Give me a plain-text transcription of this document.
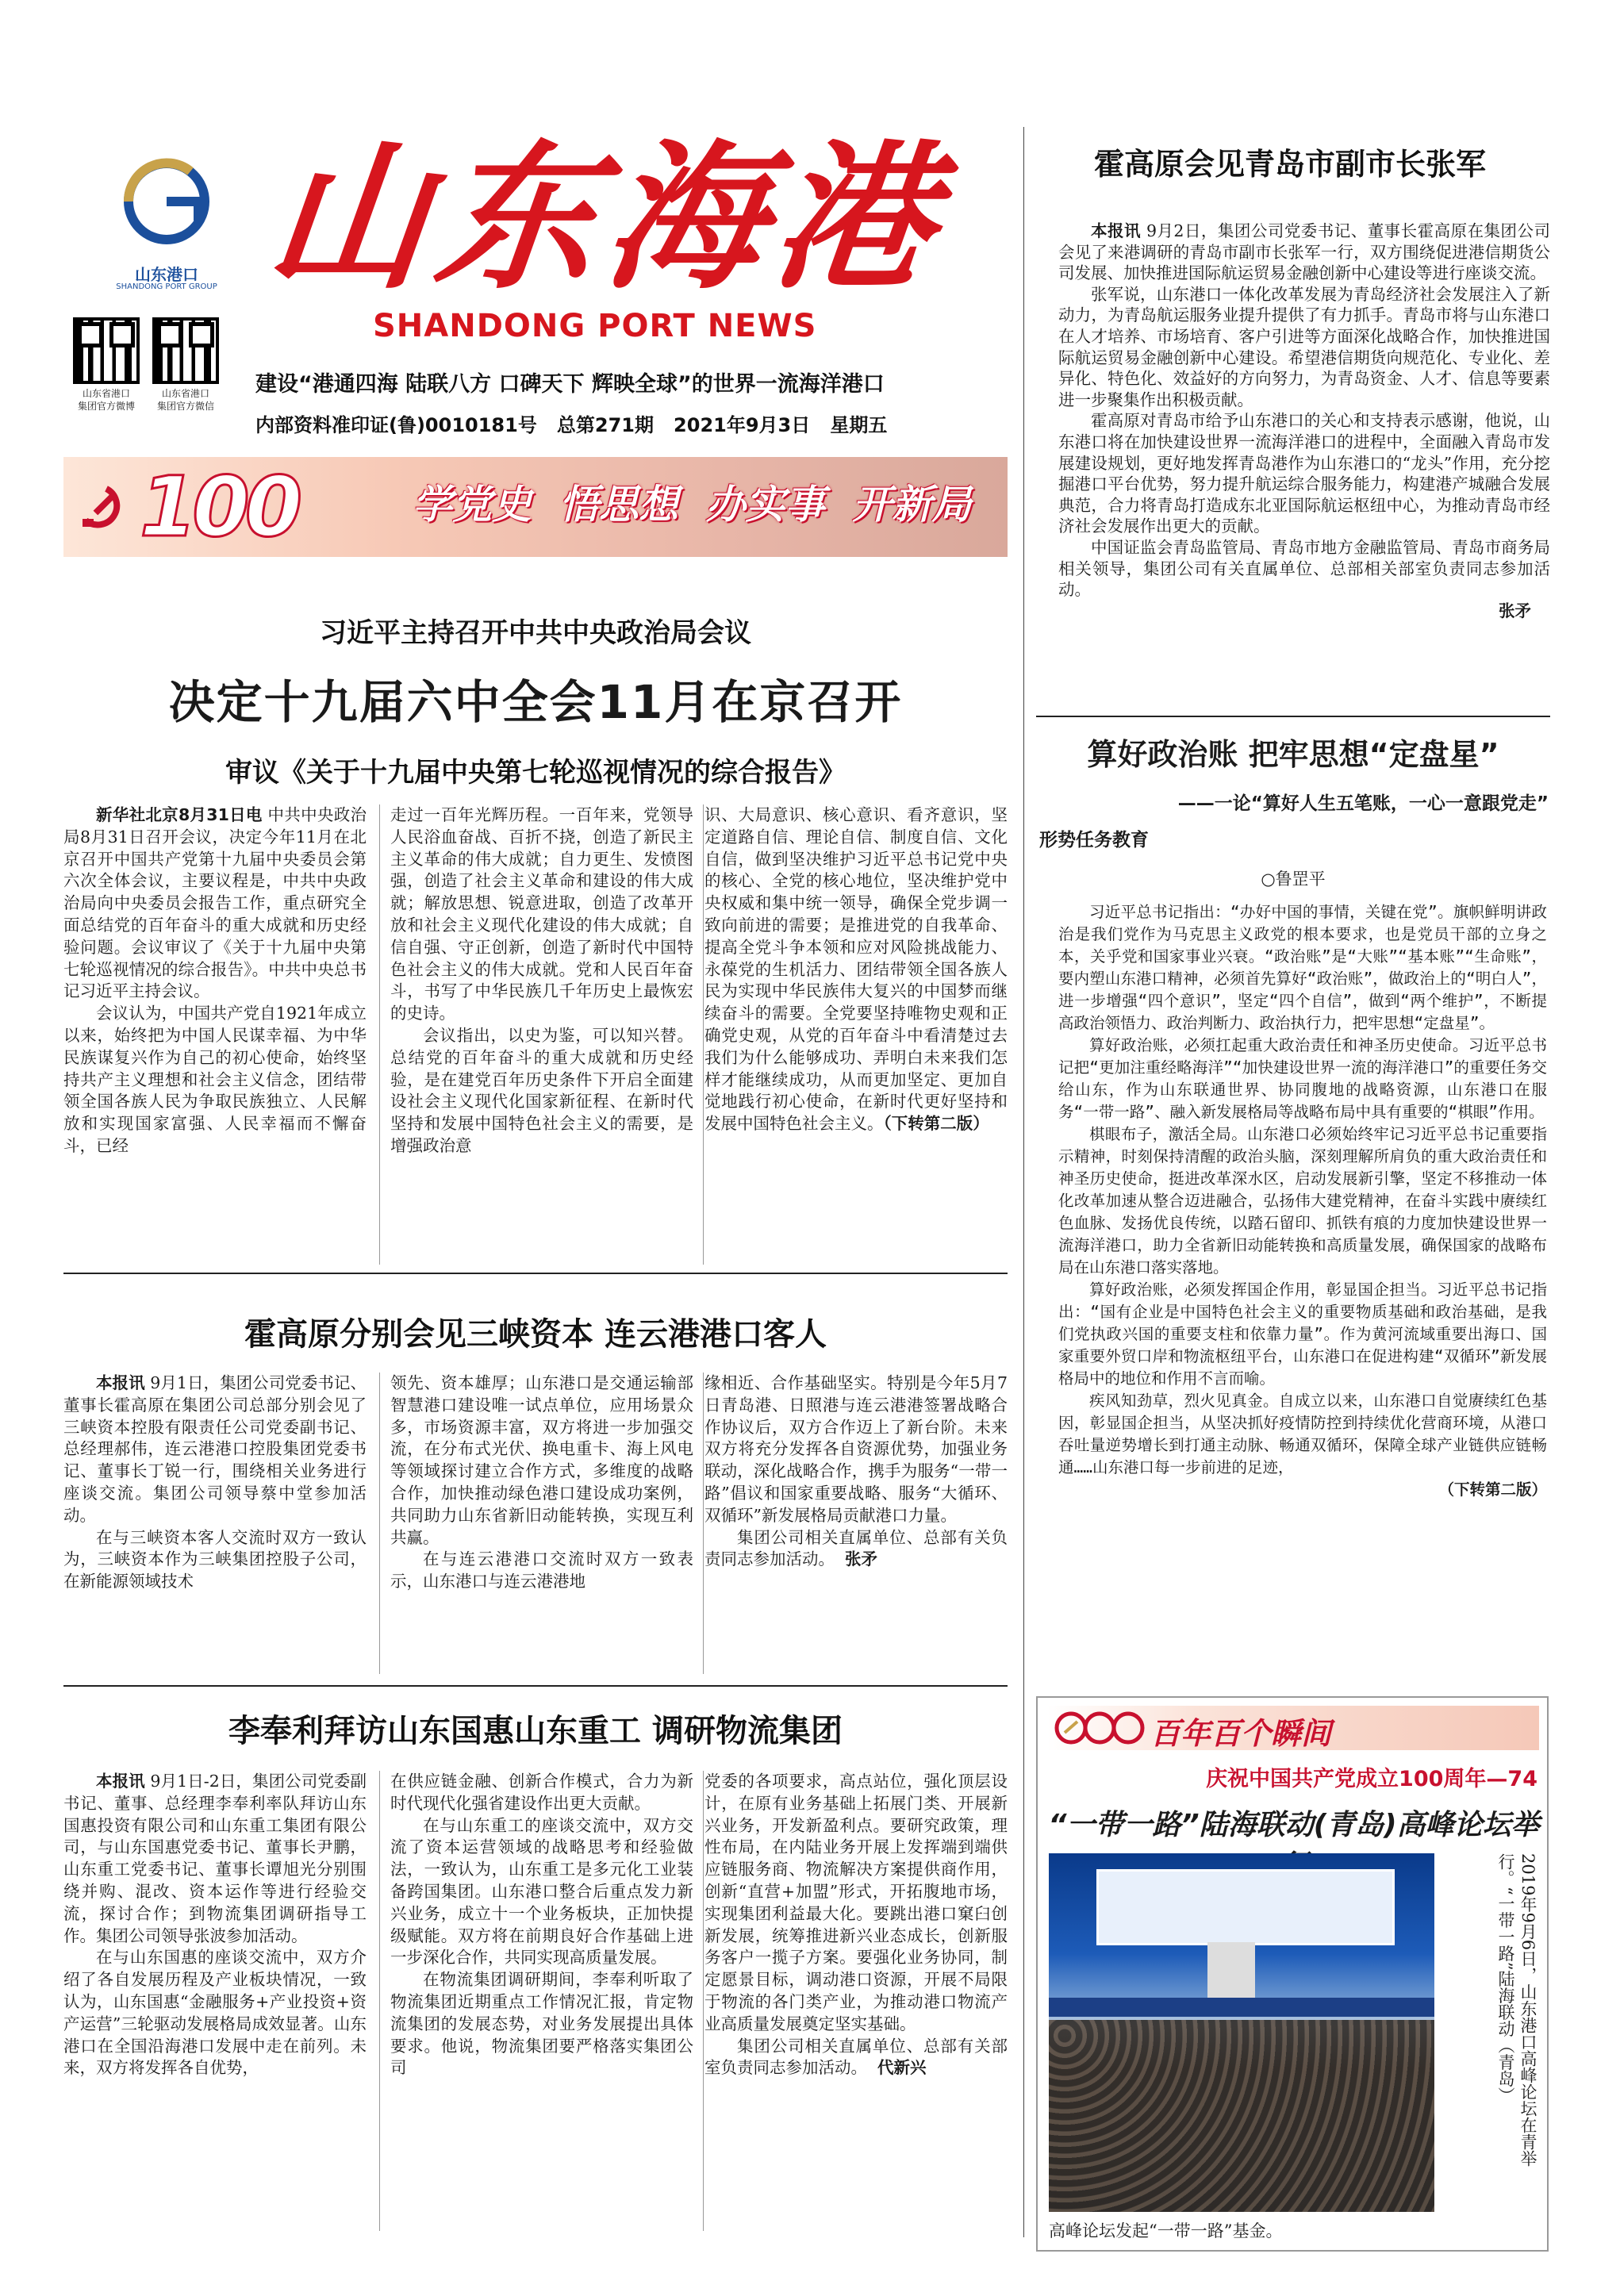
山东港口
SHANDONG PORT GROUP 山东海港
SHANDONG PORT NEWS
山东省港口
集团官方微博
山东省港口
集团官方微信
建设“港通四海 陆联八方 口碑天下 辉映全球”的世界一流海洋港口
内部资料准印证(鲁)0010181号   总第271期   2021年9月3日   星期五
100	学党史 悟思想 办实事 开新局
习近平主持召开中共中央政治局会议
决定十九届六中全会11月在京召开
审议《关于十九届中央第七轮巡视情况的综合报告》

新华社北京8月31日电 中共中央政治局8月31日召开会议，决定今年11月在北京召开中国共产党第十九届中央委员会第六次全体会议，主要议程是，中共中央政治局向中央委员会报告工作，重点研究全面总结党的百年奋斗的重大成就和历史经验问题。会议审议了《关于十九届中央第七轮巡视情况的综合报告》。中共中央总书记习近平主持会议。

会议认为，中国共产党自1921年成立以来，始终把为中国人民谋幸福、为中华民族谋复兴作为自己的初心使命，始终坚持共产主义理想和社会主义信念，团结带领全国各族人民为争取民族独立、人民解放和实现国家富强、人民幸福而不懈奋斗，已经

走过一百年光辉历程。一百年来，党领导人民浴血奋战、百折不挠，创造了新民主主义革命的伟大成就；自力更生、发愤图强，创造了社会主义革命和建设的伟大成就；解放思想、锐意进取，创造了改革开放和社会主义现代化建设的伟大成就；自信自强、守正创新，创造了新时代中国特色社会主义的伟大成就。党和人民百年奋斗，书写了中华民族几千年历史上最恢宏的史诗。

会议指出，以史为鉴，可以知兴替。总结党的百年奋斗的重大成就和历史经验，是在建党百年历史条件下开启全面建设社会主义现代化国家新征程、在新时代坚持和发展中国特色社会主义的需要，是增强政治意

识、大局意识、核心意识、看齐意识，坚定道路自信、理论自信、制度自信、文化自信，做到坚决维护习近平总书记党中央的核心、全党的核心地位，坚决维护党中央权威和集中统一领导，确保全党步调一致向前进的需要；是推进党的自我革命、提高全党斗争本领和应对风险挑战能力、永葆党的生机活力、团结带领全国各族人民为实现中华民族伟大复兴的中国梦而继续奋斗的需要。全党要坚持唯物史观和正确党史观，从党的百年奋斗中看清楚过去我们为什么能够成功、弄明白未来我们怎样才能继续成功，从而更加坚定、更加自觉地践行初心使命，在新时代更好坚持和发展中国特色社会主义。（下转第二版）

霍高原分别会见三峡资本 连云港港口客人

本报讯 9月1日，集团公司党委书记、董事长霍高原在集团公司总部分别会见了三峡资本控股有限责任公司党委副书记、总经理郝伟，连云港港口控股集团党委书记、董事长丁锐一行，围绕相关业务进行座谈交流。集团公司领导蔡中堂参加活动。

在与三峡资本客人交流时双方一致认为，三峡资本作为三峡集团控股子公司，在新能源领域技术

领先、资本雄厚；山东港口是交通运输部智慧港口建设唯一试点单位，应用场景众多，市场资源丰富，双方将进一步加强交流，在分布式光伏、换电重卡、海上风电等领域探讨建立合作方式，多维度的战略合作，加快推动绿色港口建设成功案例，共同助力山东省新旧动能转换，实现互利共赢。

在与连云港港口交流时双方一致表示，山东港口与连云港港地

缘相近、合作基础坚实。特别是今年5月7日青岛港、日照港与连云港港签署战略合作协议后，双方合作迈上了新台阶。未来双方将充分发挥各自资源优势，加强业务联动，深化战略合作，携手为服务“一带一路”倡议和国家重要战略、服务“大循环、双循环”新发展格局贡献港口力量。

集团公司相关直属单位、总部有关负责同志参加活动。 张矛

李奉利拜访山东国惠山东重工 调研物流集团

本报讯 9月1日-2日，集团公司党委副书记、董事、总经理李奉利率队拜访山东国惠投资有限公司和山东重工集团有限公司，与山东国惠党委书记、董事长尹鹏，山东重工党委书记、董事长谭旭光分别围绕并购、混改、资本运作等进行经验交流，探讨合作；到物流集团调研指导工作。集团公司领导张波参加活动。

在与山东国惠的座谈交流中，双方介绍了各自发展历程及产业板块情况，一致认为，山东国惠“金融服务+产业投资+资产运营”三轮驱动发展格局成效显著。山东港口在全国沿海港口发展中走在前列。未来，双方将发挥各自优势，

在供应链金融、创新合作模式，合力为新时代现代化强省建设作出更大贡献。

在与山东重工的座谈交流中，双方交流了资本运营领域的战略思考和经验做法，一致认为，山东重工是多元化工业装备跨国集团。山东港口整合后重点发力新兴业务，成立十一个业务板块，正加快提级赋能。双方将在前期良好合作基础上进一步深化合作，共同实现高质量发展。

在物流集团调研期间，李奉利听取了物流集团近期重点工作情况汇报，肯定物流集团的发展态势，对业务发展提出具体要求。他说，物流集团要严格落实集团公司

党委的各项要求，高点站位，强化顶层设计，在原有业务基础上拓展门类、开展新兴业务，开发新盈利点。要研究政策，理性布局，在内陆业务开展上发挥端到端供应链服务商、物流解决方案提供商作用，创新“直营+加盟”形式，开拓腹地市场，实现集团利益最大化。要跳出港口窠臼创新发展，统筹推进新兴业态成长，创新服务客户一揽子方案。要强化业务协同，制定愿景目标，调动港口资源，开展不局限于物流的各门类产业，为推动港口物流产业高质量发展奠定坚实基础。

集团公司相关直属单位、总部有关部室负责同志参加活动。 代新兴

霍高原会见青岛市副市长张军

本报讯 9月2日，集团公司党委书记、董事长霍高原在集团公司会见了来港调研的青岛市副市长张军一行，双方围绕促进港信期货公司发展、加快推进国际航运贸易金融创新中心建设等进行座谈交流。

张军说，山东港口一体化改革发展为青岛经济社会发展注入了新动力，为青岛航运服务业提升提供了有力抓手。青岛市将与山东港口在人才培养、市场培育、客户引进等方面深化战略合作，加快推进国际航运贸易金融创新中心建设。希望港信期货向规范化、专业化、差异化、特色化、效益好的方向努力，为青岛资金、人才、信息等要素进一步聚集作出积极贡献。

霍高原对青岛市给予山东港口的关心和支持表示感谢，他说，山东港口将在加快建设世界一流海洋港口的进程中，全面融入青岛市发展建设规划，更好地发挥青岛港作为山东港口的“龙头”作用，充分挖掘港口平台优势，努力提升航运综合服务能力，构建港产城融合发展典范，合力将青岛打造成东北亚国际航运枢纽中心，为推动青岛市经济社会发展作出更大的贡献。

中国证监会青岛监管局、青岛市地方金融监管局、青岛市商务局相关领导，集团公司有关直属单位、总部相关部室负责同志参加活动。

张矛
算好政治账 把牢思想“定盘星”
——一论“算好人生五笔账，一心一意跟党走”
形势任务教育
○鲁罡平

习近平总书记指出：“办好中国的事情，关键在党”。旗帜鲜明讲政治是我们党作为马克思主义政党的根本要求，也是党员干部的立身之本，关乎党和国家事业兴衰。“政治账”是“大账”“基本账”“生命账”，要内塑山东港口精神，必须首先算好“政治账”，做政治上的“明白人”，进一步增强“四个意识”，坚定“四个自信”，做到“两个维护”，不断提高政治领悟力、政治判断力、政治执行力，把牢思想“定盘星”。

算好政治账，必须扛起重大政治责任和神圣历史使命。习近平总书记把“更加注重经略海洋”“加快建设世界一流的海洋港口”的重要任务交给山东，作为山东联通世界、协同腹地的战略资源，山东港口在服务“一带一路”、融入新发展格局等战略布局中具有重要的“棋眼”作用。

棋眼布子，激活全局。山东港口必须始终牢记习近平总书记重要指示精神，时刻保持清醒的政治头脑，深刻理解所肩负的重大政治责任和神圣历史使命，挺进改革深水区，启动发展新引擎，坚定不移推动一体化改革加速从整合迈进融合，弘扬伟大建党精神，在奋斗实践中赓续红色血脉、发扬优良传统，以踏石留印、抓铁有痕的力度加快建设世界一流海洋港口，助力全省新旧动能转换和高质量发展，确保国家的战略布局在山东港口落实落地。

算好政治账，必须发挥国企作用，彰显国企担当。习近平总书记指出：“国有企业是中国特色社会主义的重要物质基础和政治基础，是我们党执政兴国的重要支柱和依靠力量”。作为黄河流域重要出海口、国家重要外贸口岸和物流枢纽平台，山东港口在促进构建“双循环”新发展格局中的地位和作用不言而喻。

疾风知劲草，烈火见真金。自成立以来，山东港口自觉赓续红色基因，彰显国企担当，从坚决抓好疫情防控到持续优化营商环境，从港口吞吐量逆势增长到打通主动脉、畅通双循环，保障全球产业链供应链畅通……山东港口每一步前进的足迹，

（下转第二版）
百年百个瞬间
庆祝中国共产党成立100周年—74
“一带一路”陆海联动(青岛)高峰论坛举
2019年9月6日，山东港口高峰论坛在青举行。“一带一路”陆海联动（青岛）
高峰论坛发起“一带一路”基金。
